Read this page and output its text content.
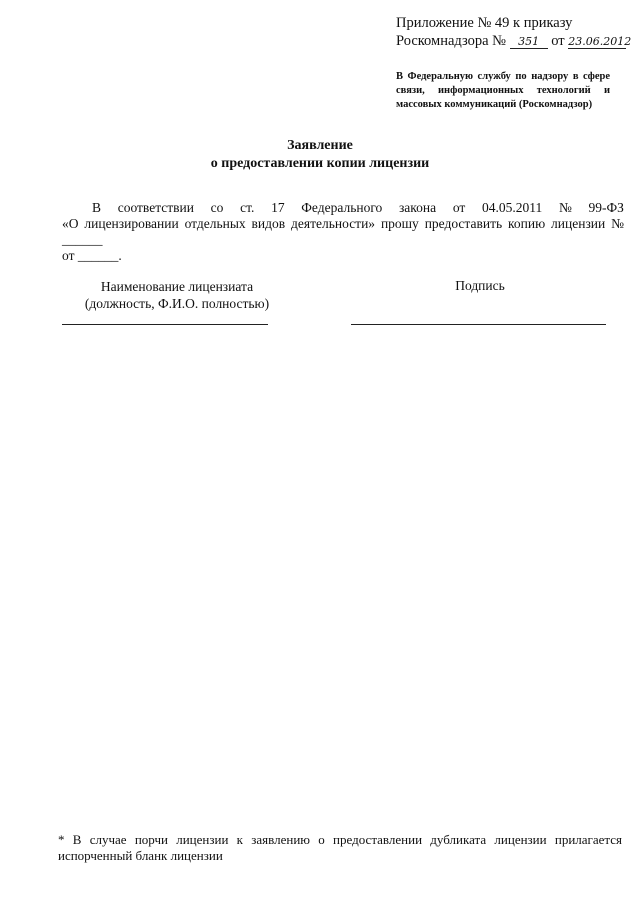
Приложение № 49 к приказу
Роскомнадзора № 351 от 23.06.2012
В Федеральную службу по надзору в сфере связи, информационных технологий и массовых коммуникаций (Роскомнадзор)
Заявление
о предоставлении копии лицензии
В соответствии со ст. 17 Федерального закона от 04.05.2011 № 99-ФЗ
«О лицензировании отдельных видов деятельности» прошу предоставить копию лицензии № ______
от ______.
Наименование лицензиата
(должность, Ф.И.О. полностью)
Подпись
* В случае порчи лицензии к заявлению о предоставлении дубликата лицензии прилагается испорченный бланк лицензии
